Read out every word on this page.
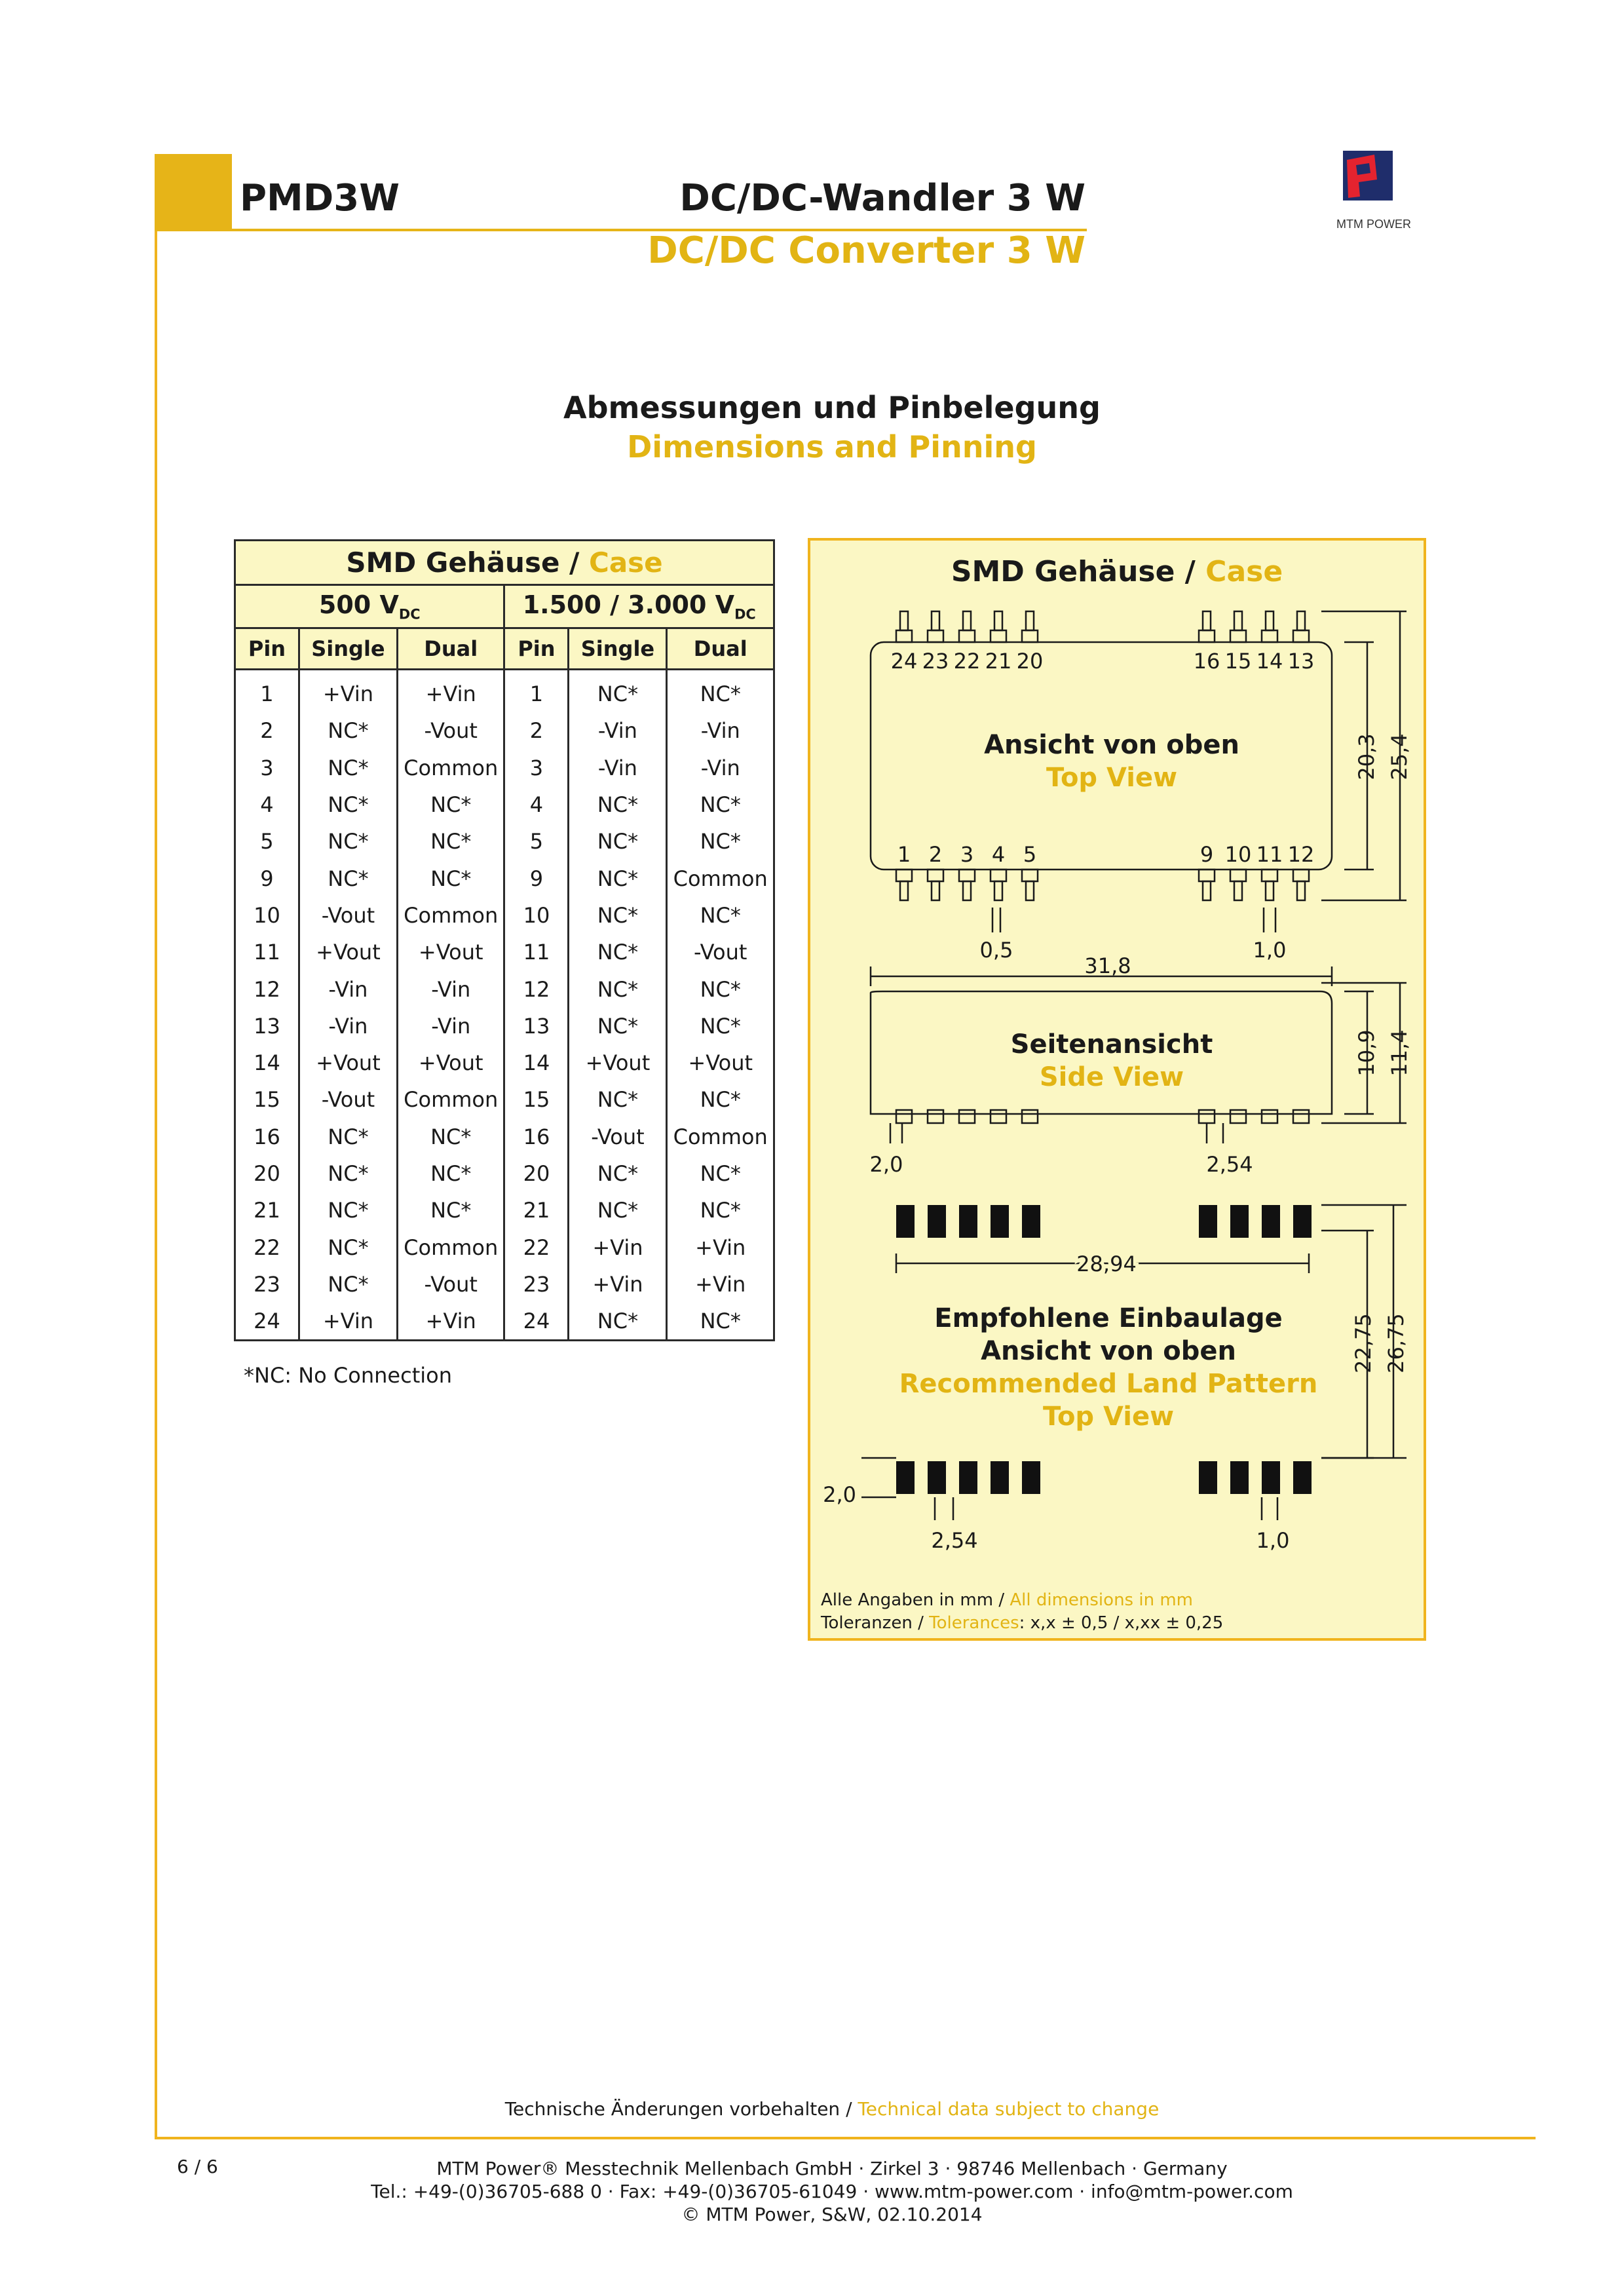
PMD3W	DC/DC-Wandler 3 W
DC/DC Converter 3 W
MTM POWER
Abmessungen und Pinbelegung
Dimensions and Pinning
SMD Gehäuse / Case					
500 $V_{DC}$			1.500 / 3.000 $V_{DC}$
Pin	Single	Dual	Pin	Single	Dual
1	+Vin	+Vin	1	NC*	NC*
2	NC*	-Vout	2	-Vin	-Vin
3	NC*	Common	3	-Vin	-Vin
4	NC*	NC*	4	NC*	NC*
5	NC*	NC*	5	NC*	NC*
9	NC*	NC*	9	NC*	Common
10	-Vout	Common	10	NC*	NC*
11	+Vout	+Vout	11	NC*	-Vout
12	-Vin	-Vin	12	NC*	NC*
13	-Vin	-Vin	13	NC*	NC*
14	+Vout	+Vout	14	+Vout	+Vout
15	-Vout	Common	15	NC*	NC*
16	NC*	NC*	16	-Vout	Common
20	NC*	NC*	20	NC*	NC*
21	NC*	NC*	21	NC*	NC*
22	NC*	Common	22	+Vin	+Vin
23	NC*	-Vout	23	+Vin	+Vin
24	+Vin	+Vin	24	NC*	NC*
*NC: No Connection
SMD Gehäuse / Case
24 23 22 21 20	16 15 14 13
1 2 3 4 5	9 10 11 12
Ansicht von oben
Top View
Seitenansicht
Side View
Empfohlene Einbaulage
Ansicht von oben
Recommended Land Pattern
Top View
0,5	1,0
31,8
20,3 25,4
10,9 11,4
2,0	2,54
28,94
22,75 26,75
2,0
2,54	1,0
Alle Angaben in mm / All dimensions in mm
Toleranzen / Tolerances: x,x ± 0,5 / x,xx ± 0,25
Technische Änderungen vorbehalten / Technical data subject to change
6 / 6	MTM Power® Messtechnik Mellenbach GmbH · Zirkel 3 · 98746 Mellenbach · Germany
Tel.: +49-(0)36705-688 0 · Fax: +49-(0)36705-61049 · www.mtm-power.com · info@mtm-power.com
© MTM Power, S&W, 02.10.2014
